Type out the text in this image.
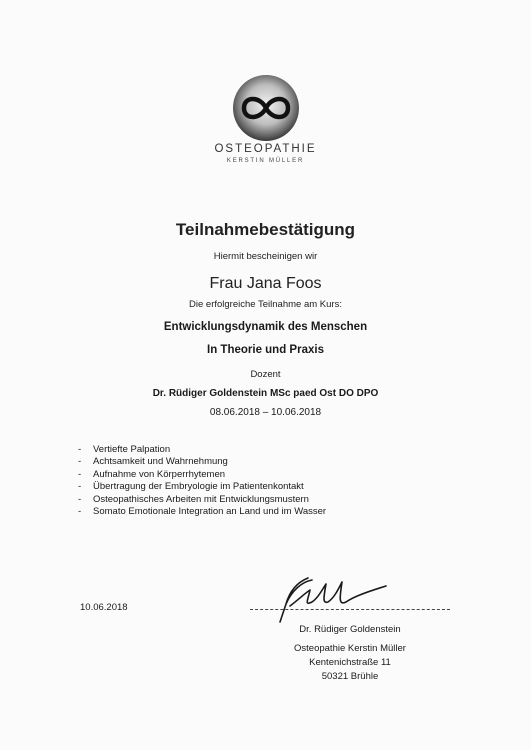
OSTEOPATHIE
KERSTIN MÜLLER
Teilnahmebestätigung
Hiermit bescheinigen wir
Frau Jana Foos
Die erfolgreiche Teilnahme am Kurs:
Entwicklungsdynamik des Menschen
In Theorie und Praxis
Dozent
Dr. Rüdiger Goldenstein MSc paed Ost DO DPO
08.06.2018 – 10.06.2018
- Vertiefte Palpation
- Achtsamkeit und Wahrnehmung
- Aufnahme von Körperrhytemen
- Übertragung der Embryologie im Patientenkontakt
- Osteopathisches Arbeiten mit Entwicklungsmustern
- Somato Emotionale Integration an Land und im Wasser
10.06.2018
Dr. Rüdiger Goldenstein
Osteopathie Kerstin Müller
Kentenichstraße 11
50321 Brühle
